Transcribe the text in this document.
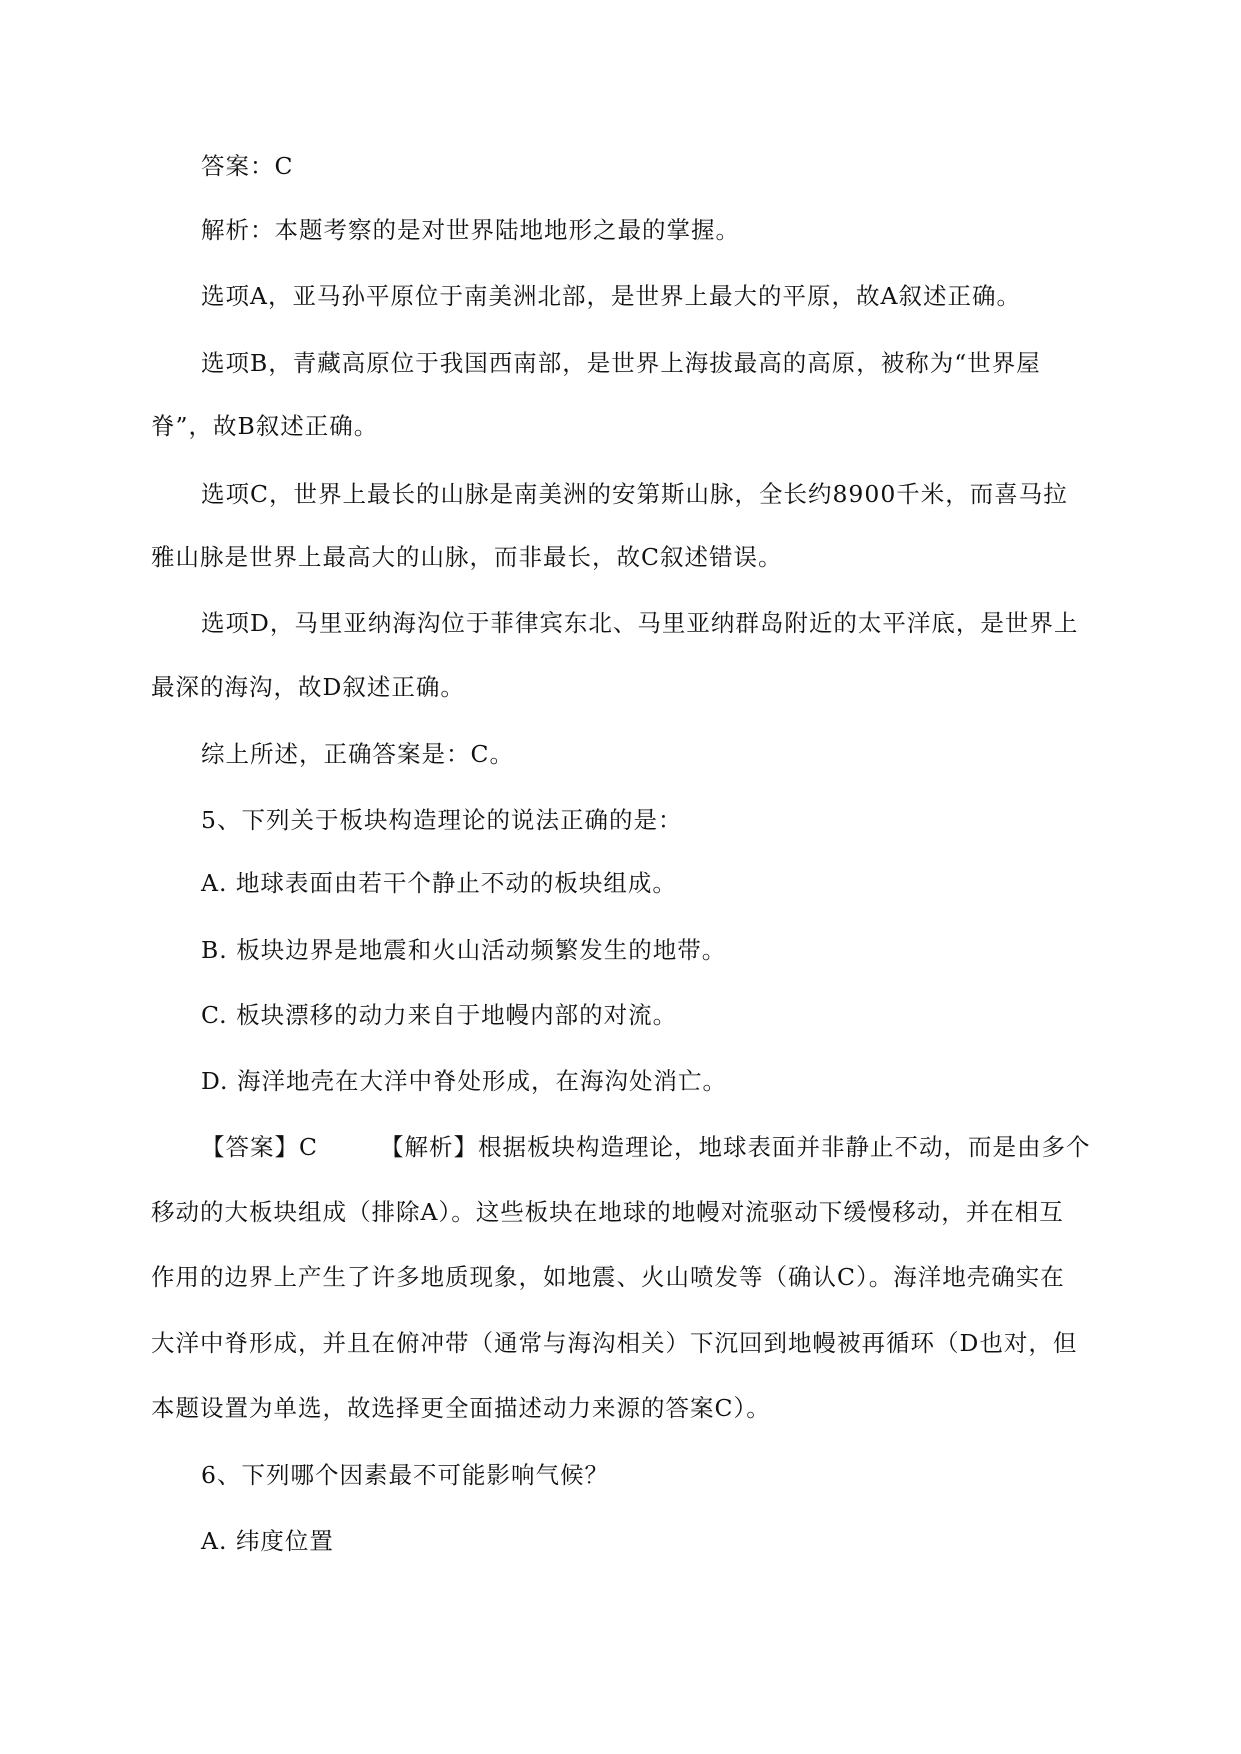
答案：C

解析：本题考察的是对世界陆地地形之最的掌握。

选项A，亚马孙平原位于南美洲北部，是世界上最大的平原，故A叙述正确。

选项B，青藏高原位于我国西南部，是世界上海拔最高的高原，被称为“世界屋

脊”，故B叙述正确。

选项C，世界上最长的山脉是南美洲的安第斯山脉，全长约8900千米，而喜马拉

雅山脉是世界上最高大的山脉，而非最长，故C叙述错误。

选项D，马里亚纳海沟位于菲律宾东北、马里亚纳群岛附近的太平洋底，是世界上

最深的海沟，故D叙述正确。

综上所述，正确答案是：C。

5、下列关于板块构造理论的说法正确的是：

A. 地球表面由若干个静止不动的板块组成。

B. 板块边界是地震和火山活动频繁发生的地带。

C. 板块漂移的动力来自于地幔内部的对流。

D. 海洋地壳在大洋中脊处形成，在海沟处消亡。

【答案】C	【解析】根据板块构造理论，地球表面并非静止不动，而是由多个

移动的大板块组成（排除A）。这些板块在地球的地幔对流驱动下缓慢移动，并在相互

作用的边界上产生了许多地质现象，如地震、火山喷发等（确认C）。海洋地壳确实在

大洋中脊形成，并且在俯冲带（通常与海沟相关）下沉回到地幔被再循环（D也对，但

本题设置为单选，故选择更全面描述动力来源的答案C）。

6、下列哪个因素最不可能影响气候？

A. 纬度位置
